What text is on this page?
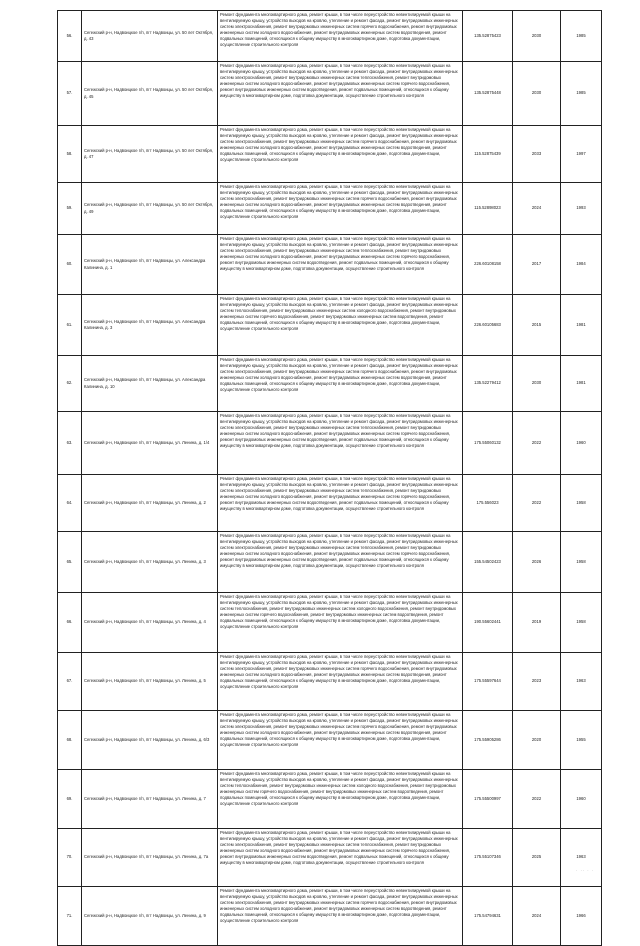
56.
Сегежский р-н, Надвоицкое г/п, пгт Надвоицы, ул. 50 лет Октября, д. 43
Ремонт фундамента многоквартирного дома, ремонт крыши, в том числе переустройство невентилируемой крыши на вентилируемую крышу, устройство выходов на кровлю, утепление и ремонт фасада, ремонт внутридомовых инженерных систем электроснабжения, ремонт внутридомовых инженерных систем горячего водоснабжения, ремонт внутридомовых инженерных систем холодного водоснабжения, ремонт внутридомовых инженерных систем водоотведения, ремонт подвальных помещений, относящихся к общему имуществу в многоквартирном доме, подготовка документации, осуществление строительного контроля
135.52875423	2030	1985
57.
Сегежский р-н, Надвоицкое г/п, пгт Надвоицы, ул. 50 лет Октября, д. 45
Ремонт фундамента многоквартирного дома, ремонт крыши, в том числе переустройство невентилируемой крыши на вентилируемую крышу, устройство выходов на кровлю, утепление и ремонт фасада, ремонт внутридомовых инженерных систем электроснабжения, ремонт внутридомовых инженерных систем теплоснабжения, ремонт внутридомовых инженерных систем холодного водоснабжения, ремонт внутридомовых инженерных систем горячего водоснабжения, ремонт внутридомовых инженерных систем водоотведения, ремонт подвальных помещений, относящихся к общему имуществу в многоквартирном доме, подготовка документации, осуществление строительного контроля
135.52875448	2030	1985
58.
Сегежский р-н, Надвоицкое г/п, пгт Надвоицы, ул. 50 лет Октября, д. 47
Ремонт фундамента многоквартирного дома, ремонт крыши, в том числе переустройство невентилируемой крыши на вентилируемую крышу, устройство выходов на кровлю, утепление и ремонт фасада, ремонт внутридомовых инженерных систем электроснабжения, ремонт внутридомовых инженерных систем горячего водоснабжения, ремонт внутридомовых инженерных систем холодного водоснабжения, ремонт внутридомовых инженерных систем водоотведения, ремонт подвальных помещений, относящихся к общему имуществу в многоквартирном доме, подготовка документации, осуществление строительного контроля
115.52875439	2033	1997
59.
Сегежский р-н, Надвоицкое г/п, пгт Надвоицы, ул. 50 лет Октября, д. 49
Ремонт фундамента многоквартирного дома, ремонт крыши, в том числе переустройство невентилируемой крыши на вентилируемую крышу, устройство выходов на кровлю, утепление и ремонт фасада, ремонт внутридомовых инженерных систем электроснабжения, ремонт внутридомовых инженерных систем горячего водоснабжения, ремонт внутридомовых инженерных систем холодного водоснабжения, ремонт внутридомовых инженерных систем водоотведения, ремонт подвальных помещений, относящихся к общему имуществу в многоквартирном доме, подготовка документации, осуществление строительного контроля
115.52898023	2024	1993
60.
Сегежский р-н, Надвоицкое г/п, пгт Надвоицы, ул. Александра Калинина, д. 1
Ремонт фундамента многоквартирного дома, ремонт крыши, в том числе переустройство невентилируемой крыши на вентилируемую крышу, устройство выходов на кровлю, утепление и ремонт фасада, ремонт внутридомовых инженерных систем электроснабжения, ремонт внутридомовых инженерных систем теплоснабжения, ремонт внутридомовых инженерных систем холодного водоснабжения, ремонт внутридомовых инженерных систем горячего водоснабжения, ремонт внутридомовых инженерных систем водоотведения, ремонт подвальных помещений, относящихся к общему имуществу в многоквартирном доме, подготовка документации, осуществление строительного контроля
226.60108158	2017	1984
61.
Сегежский р-н, Надвоицкое г/п, пгт Надвоицы, ул. Александра Калинина, д. 3
Ремонт фундамента многоквартирного дома, ремонт крыши, в том числе переустройство невентилируемой крыши на вентилируемую крышу, устройство выходов на кровлю, утепление и ремонт фасада, ремонт внутридомовых инженерных систем теплоснабжения, ремонт внутридомовых инженерных систем холодного водоснабжения, ремонт внутридомовых инженерных систем горячего водоснабжения, ремонт внутридомовых инженерных систем водоотведения, ремонт подвальных помещений, относящихся к общему имуществу в многоквартирном доме, подготовка документации, осуществление строительного контроля
226.60105683	2015	1981
62.
Сегежский р-н, Надвоицкое г/п, пгт Надвоицы, ул. Александра Калинина, д. 10
Ремонт фундамента многоквартирного дома, ремонт крыши, в том числе переустройство невентилируемой крыши на вентилируемую крышу, устройство выходов на кровлю, утепление и ремонт фасада, ремонт внутридомовых инженерных систем электроснабжения, ремонт внутридомовых инженерных систем горячего водоснабжения, ремонт внутридомовых инженерных систем холодного водоснабжения, ремонт внутридомовых инженерных систем водоотведения, ремонт подвальных помещений, относящихся к общему имуществу в многоквартирном доме, подготовка документации, осуществление строительного контроля
135.52279412	2030	1981
63.	Сегежский р-н, Надвоицкое г/п, пгт Надвоицы, ул. Ленина, д. 1/4
Ремонт фундамента многоквартирного дома, ремонт крыши, в том числе переустройство невентилируемой крыши на вентилируемую крышу, устройство выходов на кровлю, утепление и ремонт фасада, ремонт внутридомовых инженерных систем электроснабжения, ремонт внутридомовых инженерных систем теплоснабжения, ремонт внутридомовых инженерных систем холодного водоснабжения, ремонт внутридомовых инженерных систем горячего водоснабжения, ремонт внутридомовых инженерных систем водоотведения, ремонт подвальных помещений, относящихся к общему имуществу в многоквартирном доме, подготовка документации, осуществление строительного контроля
175.55060132	2022	1960
64.	Сегежский р-н, Надвоицкое г/п, пгт Надвоицы, ул. Ленина, д. 2
Ремонт фундамента многоквартирного дома, ремонт крыши, в том числе переустройство невентилируемой крыши на вентилируемую крышу, устройство выходов на кровлю, утепление и ремонт фасада, ремонт внутридомовых инженерных систем электроснабжения, ремонт внутридомовых инженерных систем теплоснабжения, ремонт внутридомовых инженерных систем холодного водоснабжения, ремонт внутридомовых инженерных систем горячего водоснабжения, ремонт внутридомовых инженерных систем водоотведения, ремонт подвальных помещений, относящихся к общему имуществу в многоквартирном доме, подготовка документации, осуществление строительного контроля
175.556023	2022	1958
65.	Сегежский р-н, Надвоицкое г/п, пгт Надвоицы, ул. Ленина, д. 3
Ремонт фундамента многоквартирного дома, ремонт крыши, в том числе переустройство невентилируемой крыши на вентилируемую крышу, устройство выходов на кровлю, утепление и ремонт фасада, ремонт внутридомовых инженерных систем электроснабжения, ремонт внутридомовых инженерных систем теплоснабжения, ремонт внутридомовых инженерных систем холодного водоснабжения, ремонт внутридомовых инженерных систем горячего водоснабжения, ремонт внутридомовых инженерных систем водоотведения, ремонт подвальных помещений, относящихся к общему имуществу в многоквартирном доме, подготовка документации, осуществление строительного контроля
155.54502423	2026	1958
66.	Сегежский р-н, Надвоицкое г/п, пгт Надвоицы, ул. Ленина, д. 4
Ремонт фундамента многоквартирного дома, ремонт крыши, в том числе переустройство невентилируемой крыши на вентилируемую крышу, устройство выходов на кровлю, утепление и ремонт фасада, ремонт внутридомовых инженерных систем теплоснабжения, ремонт внутридомовых инженерных систем холодного водоснабжения, ремонт внутридомовых инженерных систем горячего водоснабжения, ремонт внутридомовых инженерных систем водоотведения, ремонт подвальных помещений, относящихся к общему имуществу в многоквартирном доме, подготовка документации, осуществление строительного контроля
190.55602441	2019	1958
67.	Сегежский р-н, Надвоицкое г/п, пгт Надвоицы, ул. Ленина, д. 5
Ремонт фундамента многоквартирного дома, ремонт крыши, в том числе переустройство невентилируемой крыши на вентилируемую крышу, устройство выходов на кровлю, утепление и ремонт фасада, ремонт внутридомовых инженерных систем электроснабжения, ремонт внутридомовых инженерных систем горячего водоснабжения, ремонт внутридомовых инженерных систем холодного водоснабжения, ремонт внутридомовых инженерных систем водоотведения, ремонт подвальных помещений, относящихся к общему имуществу в многоквартирном доме, подготовка документации, осуществление строительного контроля
175.55597644	2023	1963
68.	Сегежский р-н, Надвоицкое г/п, пгт Надвоицы, ул. Ленина, д. 6/3
Ремонт фундамента многоквартирного дома, ремонт крыши, в том числе переустройство невентилируемой крыши на вентилируемую крышу, устройство выходов на кровлю, утепление и ремонт фасада, ремонт внутридомовых инженерных систем электроснабжения, ремонт внутридомовых инженерных систем горячего водоснабжения, ремонт внутридомовых инженерных систем холодного водоснабжения, ремонт внутридомовых инженерных систем водоотведения, ремонт подвальных помещений, относящихся к общему имуществу в многоквартирном доме, подготовка документации, осуществление строительного контроля
175.55905286	2020	1955
69.	Сегежский р-н, Надвоицкое г/п, пгт Надвоицы, ул. Ленина, д. 7
Ремонт фундамента многоквартирного дома, ремонт крыши, в том числе переустройство невентилируемой крыши на вентилируемую крышу, устройство выходов на кровлю, утепление и ремонт фасада, ремонт внутридомовых инженерных систем теплоснабжения, ремонт внутридомовых инженерных систем холодного водоснабжения, ремонт внутридомовых инженерных систем горячего водоснабжения, ремонт внутридомовых инженерных систем водоотведения, ремонт подвальных помещений, относящихся к общему имуществу в многоквартирном доме, подготовка документации, осуществление строительного контроля
175.55500997	2022	1960
70.	Сегежский р-н, Надвоицкое г/п, пгт Надвоицы, ул. Ленина, д. 7а
Ремонт фундамента многоквартирного дома, ремонт крыши, в том числе переустройство невентилируемой крыши на вентилируемую крышу, устройство выходов на кровлю, утепление и ремонт фасада, ремонт внутридомовых инженерных систем электроснабжения, ремонт внутридомовых инженерных систем теплоснабжения, ремонт внутридомовых инженерных систем холодного водоснабжения, ремонт внутридомовых инженерных систем горячего водоснабжения, ремонт внутридомовых инженерных систем водоотведения, ремонт подвальных помещений, относящихся к общему имуществу в многоквартирном доме, подготовка документации, осуществление строительного контроля
175.55107346	2025	1963
71.	Сегежский р-н, Надвоицкое г/п, пгт Надвоицы, ул. Ленина, д. 9
Ремонт фундамента многоквартирного дома, ремонт крыши, в том числе переустройство невентилируемой крыши на вентилируемую крышу, устройство выходов на кровлю, утепление и ремонт фасада, ремонт внутридомовых инженерных систем электроснабжения, ремонт внутридомовых инженерных систем горячего водоснабжения, ремонт внутридомовых инженерных систем холодного водоснабжения, ремонт внутридомовых инженерных систем водоотведения, ремонт подвальных помещений, относящихся к общему имуществу в многоквартирном доме, подготовка документации, осуществление строительного контроля
175.54794631	2024	1966
· ·· · ·
